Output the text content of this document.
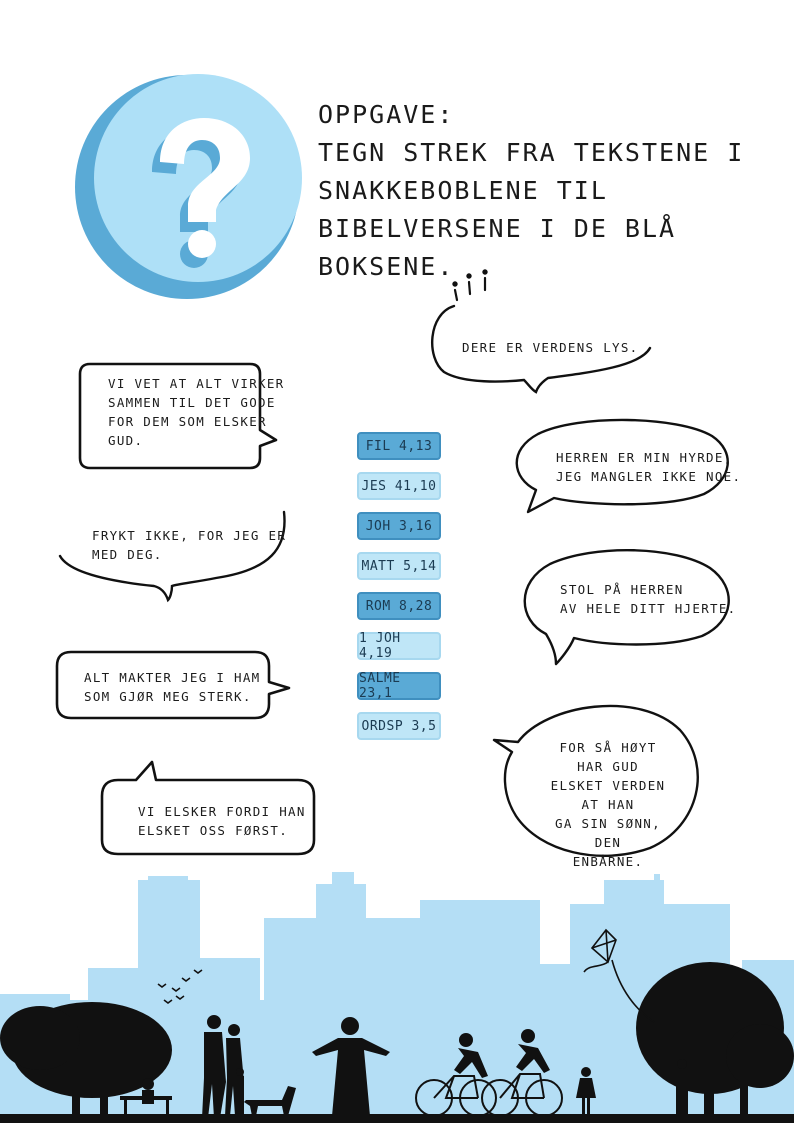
OPPGAVE:
TEGN STREK FRA TEKSTENE I
SNAKKEBOBLENE TIL
BIBELVERSENE I DE BLÅ BOKSENE.
VI VET AT ALT VIRKER
SAMMEN TIL DET GODE
FOR DEM SOM ELSKER
GUD.
FRYKT IKKE, FOR JEG ER
MED DEG.
ALT MAKTER JEG I HAM
SOM GJØR MEG STERK.
VI ELSKER FORDI HAN
ELSKET OSS FØRST.
DERE ER VERDENS LYS.
HERREN ER MIN HYRDE,
JEG MANGLER IKKE NOE.
STOL PÅ HERREN
AV HELE DITT HJERTE.
FOR SÅ HØYT HAR GUD
ELSKET VERDEN AT HAN
GA SIN SØNN, DEN
ENBÅRNE.
FIL 4,13
JES 41,10
JOH 3,16
MATT 5,14
ROM 8,28
1 JOH 4,19
SALME 23,1
ORDSP 3,5
